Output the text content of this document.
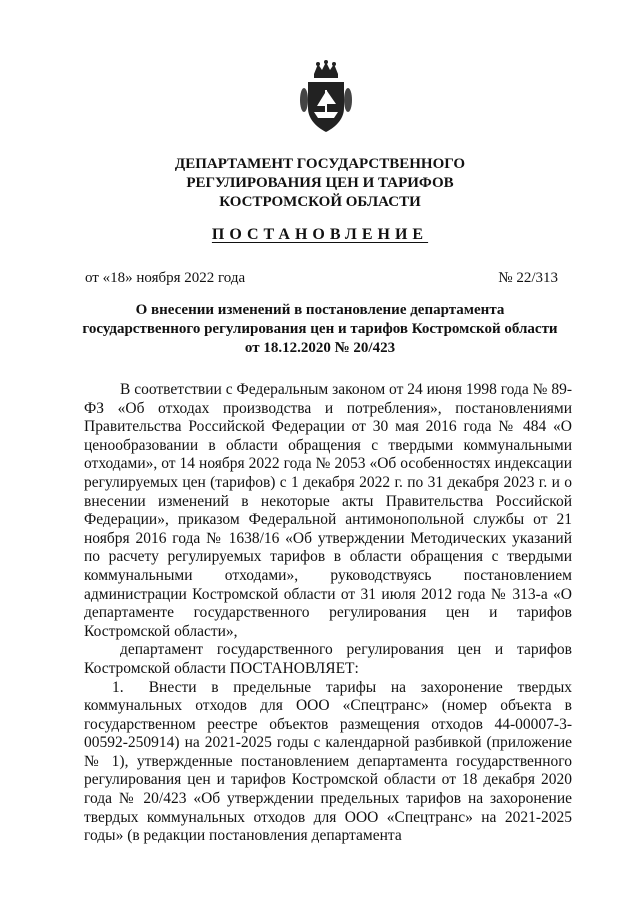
ДЕПАРТАМЕНТ ГОСУДАРСТВЕННОГО
РЕГУЛИРОВАНИЯ ЦЕН И ТАРИФОВ
КОСТРОМСКОЙ ОБЛАСТИ
ПОСТАНОВЛЕНИЕ
от «18» ноября 2022 года	№ 22/313
О внесении изменений в постановление департамента
государственного регулирования цен и тарифов Костромской области
от 18.12.2020 № 20/423

В соответствии с Федеральным законом от 24 июня 1998 года № 89-ФЗ «Об отходах производства и потребления», постановлениями Правительства Российской Федерации от 30 мая 2016 года № 484 «О ценообразовании в области обращения с твердыми коммунальными отходами», от 14 ноября 2022 года № 2053 «Об особенностях индексации регулируемых цен (тарифов) с 1 декабря 2022 г. по 31 декабря 2023 г. и о внесении изменений в некоторые акты Правительства Российской Федерации», приказом Федеральной антимонопольной службы от 21 ноября 2016 года № 1638/16 «Об утверждении Методических указаний по расчету регулируемых тарифов в области обращения с твердыми коммунальными отходами», руководствуясь постановлением администрации Костромской области от 31 июля 2012 года № 313-а «О департаменте государственного регулирования цен и тарифов Костромской области»,

департамент государственного регулирования цен и тарифов Костромской области ПОСТАНОВЛЯЕТ:

1. Внести в предельные тарифы на захоронение твердых коммунальных отходов для ООО «Спецтранс» (номер объекта в государственном реестре объектов размещения отходов 44-00007-3-00592-250914) на 2021-2025 годы с календарной разбивкой (приложение № 1), утвержденные постановлением департамента государственного регулирования цен и тарифов Костромской области от 18 декабря 2020 года № 20/423 «Об утверждении предельных тарифов на захоронение твердых коммунальных отходов для ООО «Спецтранс» на 2021-2025 годы» (в редакции постановления департамента
